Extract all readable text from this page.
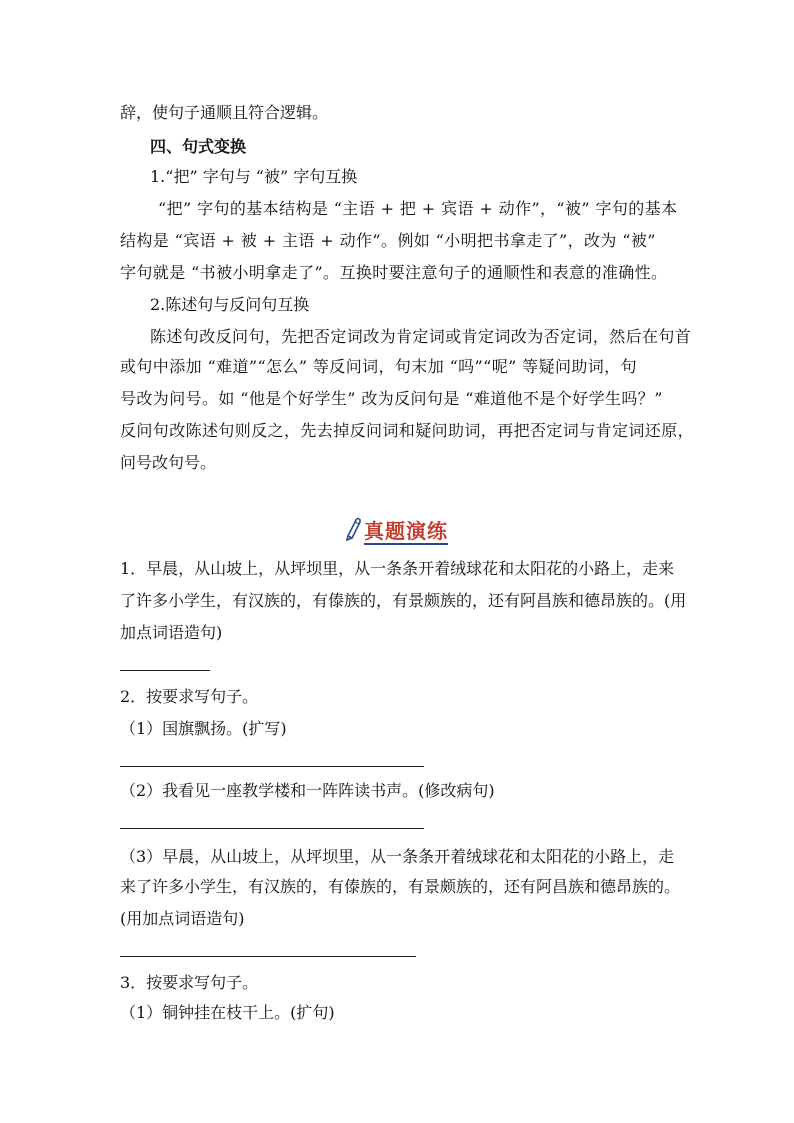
辞，使句子通顺且符合逻辑。
四、句式变换
1.“把” 字句与 “被” 字句互换
“把” 字句的基本结构是 “主语 + 把 + 宾语 + 动作”，“被” 字句的基本
结构是 “宾语 + 被 + 主语 + 动作”。例如 “小明把书拿走了”，改为 “被”
字句就是 “书被小明拿走了”。互换时要注意句子的通顺性和表意的准确性。
2.陈述句与反问句互换
陈述句改反问句，先把否定词改为肯定词或肯定词改为否定词，然后在句首
或句中添加 “难道”“怎么” 等反问词，句末加 “吗”“呢” 等疑问助词，句
号改为问号。如 “他是个好学生” 改为反问句是 “难道他不是个好学生吗？”
反问句改陈述句则反之，先去掉反问词和疑问助词，再把否定词与肯定词还原，
问号改句号。
真题演练
1．早晨，从山坡上，从坪坝里，从一条条开着绒球花和太阳花的小路上，走来
了许多小学生，有汉族的，有傣族的，有景颇族的，还有阿昌族和德昂族的。(用
加点词语造句)
2．按要求写句子。
（1）国旗飘扬。(扩写)
（2）我看见一座教学楼和一阵阵读书声。(修改病句)
（3）早晨，从山坡上，从坪坝里，从一条条开着绒球花和太阳花的小路上，走
来了许多小学生，有汉族的，有傣族的，有景颇族的，还有阿昌族和德昂族的。
(用加点词语造句)
3．按要求写句子。
（1）铜钟挂在枝干上。(扩句)
